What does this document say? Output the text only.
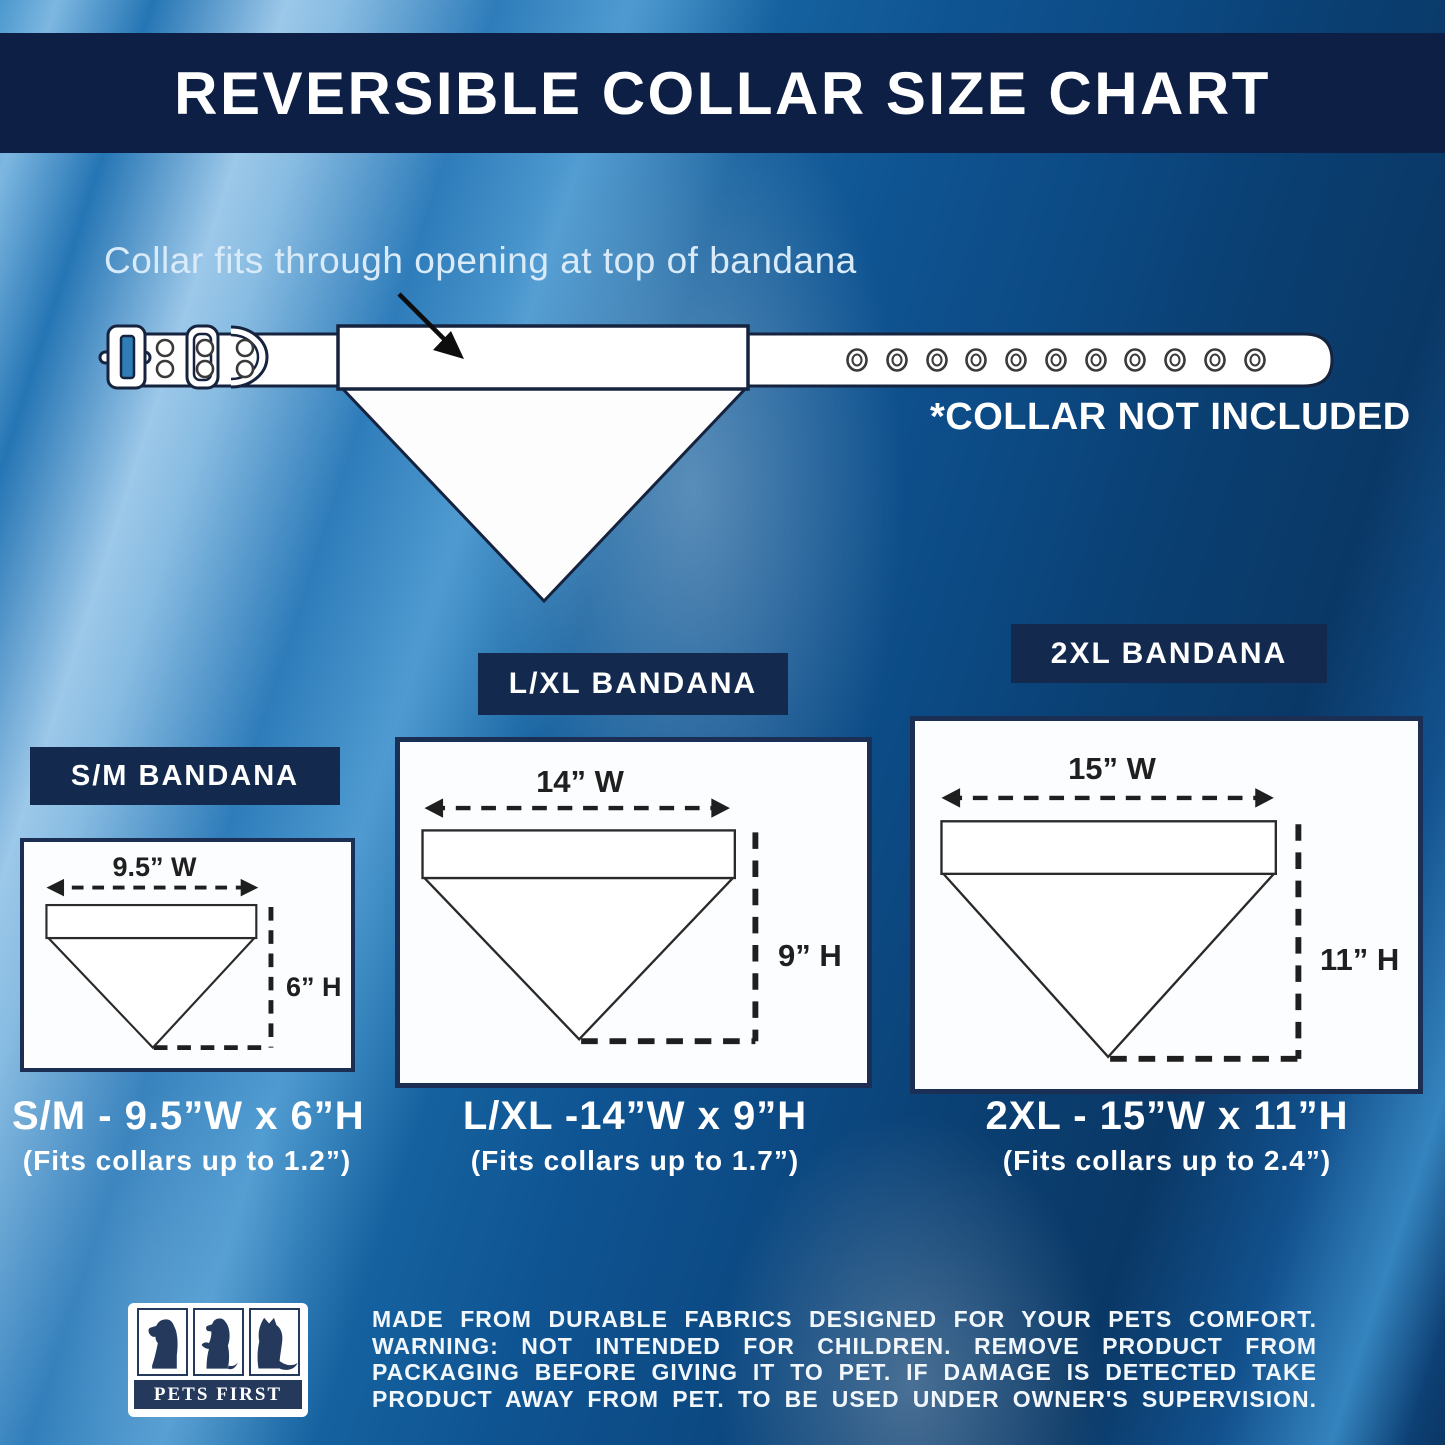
REVERSIBLE COLLAR SIZE CHART
Collar fits through opening at top of bandana
*COLLAR NOT INCLUDED
S/M BANDANA
9.5” W
6” H
S/M - 9.5”W x 6”H
(Fits collars up to 1.2”)
L/XL BANDANA
14” W
9” H
L/XL -14”W x 9”H
(Fits collars up to 1.7”)
2XL BANDANA
15” W
11” H
2XL - 15”W x 11”H
(Fits collars up to 2.4”)
PETS FIRST
MADE FROM DURABLE FABRICS DESIGNED FOR YOUR PETS COMFORT.
WARNING: NOT INTENDED FOR CHILDREN. REMOVE PRODUCT FROM
PACKAGING BEFORE GIVING IT TO PET. IF DAMAGE IS DETECTED TAKE
PRODUCT AWAY FROM PET. TO BE USED UNDER OWNER'S SUPERVISION.
